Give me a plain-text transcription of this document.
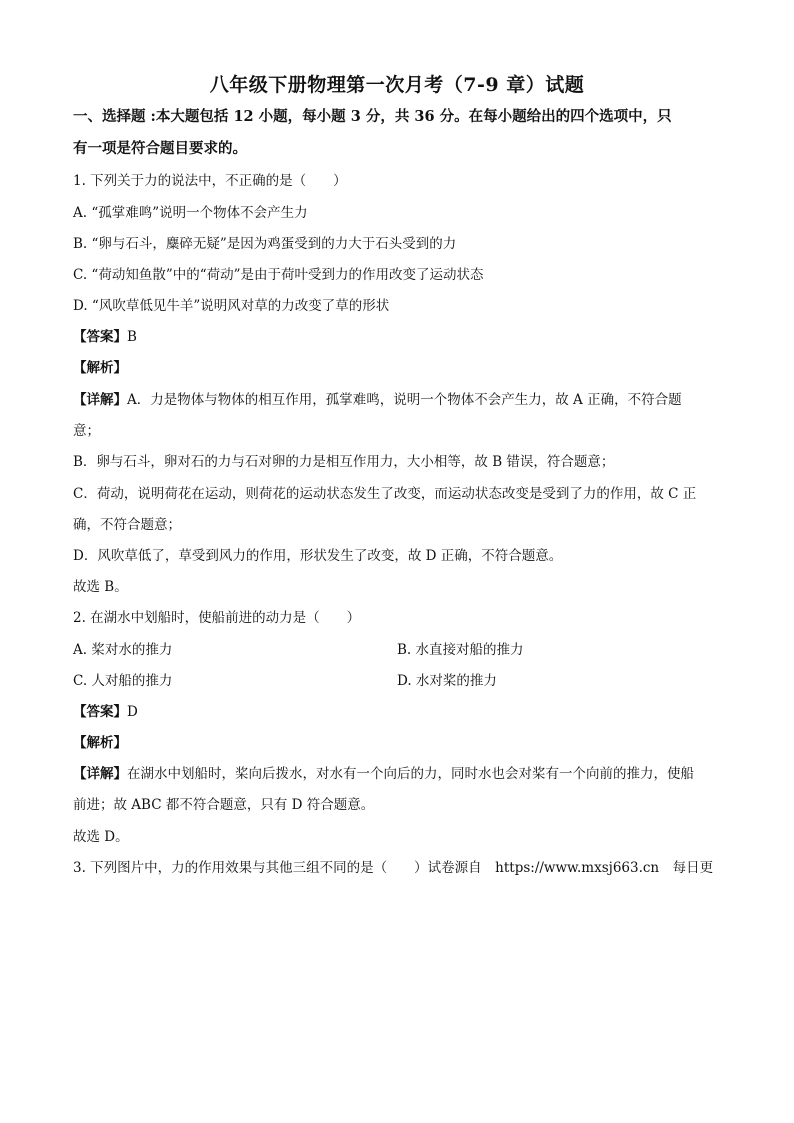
八年级下册物理第一次月考（7-9 章）试题
一、选择题 :本大题包括 12 小题，每小题 3 分，共 36 分。在每小题给出的四个选项中，只
有一项是符合题目要求的。
1. 下列关于力的说法中，不正确的是（　　）
A. “孤掌难鸣”说明一个物体不会产生力
B. “卵与石斗，麋碎无疑”是因为鸡蛋受到的力大于石头受到的力
C. “荷动知鱼散”中的“荷动”是由于荷叶受到力的作用改变了运动状态
D. “风吹草低见牛羊”说明风对草的力改变了草的形状
【答案】B
【解析】
【详解】A．力是物体与物体的相互作用，孤掌难鸣，说明一个物体不会产生力，故 A 正确，不符合题
意；
B．卵与石斗，卵对石的力与石对卵的力是相互作用力，大小相等，故 B 错误，符合题意；
C．荷动，说明荷花在运动，则荷花的运动状态发生了改变，而运动状态改变是受到了力的作用，故 C 正
确，不符合题意；
D．风吹草低了，草受到风力的作用，形状发生了改变，故 D 正确，不符合题意。
故选 B。
2. 在湖水中划船时，使船前进的动力是（　　）
A. 桨对水的推力	B. 水直接对船的推力
C. 人对船的推力	D. 水对桨的推力
【答案】D
【解析】
【详解】在湖水中划船时，桨向后拨水，对水有一个向后的力，同时水也会对桨有一个向前的推力，使船
前进；故 ABC 都不符合题意，只有 D 符合题意。
故选 D。
3. 下列图片中，力的作用效果与其他三组不同的是（　　）试卷源自　https://www.mxsj663.cn　每日更
